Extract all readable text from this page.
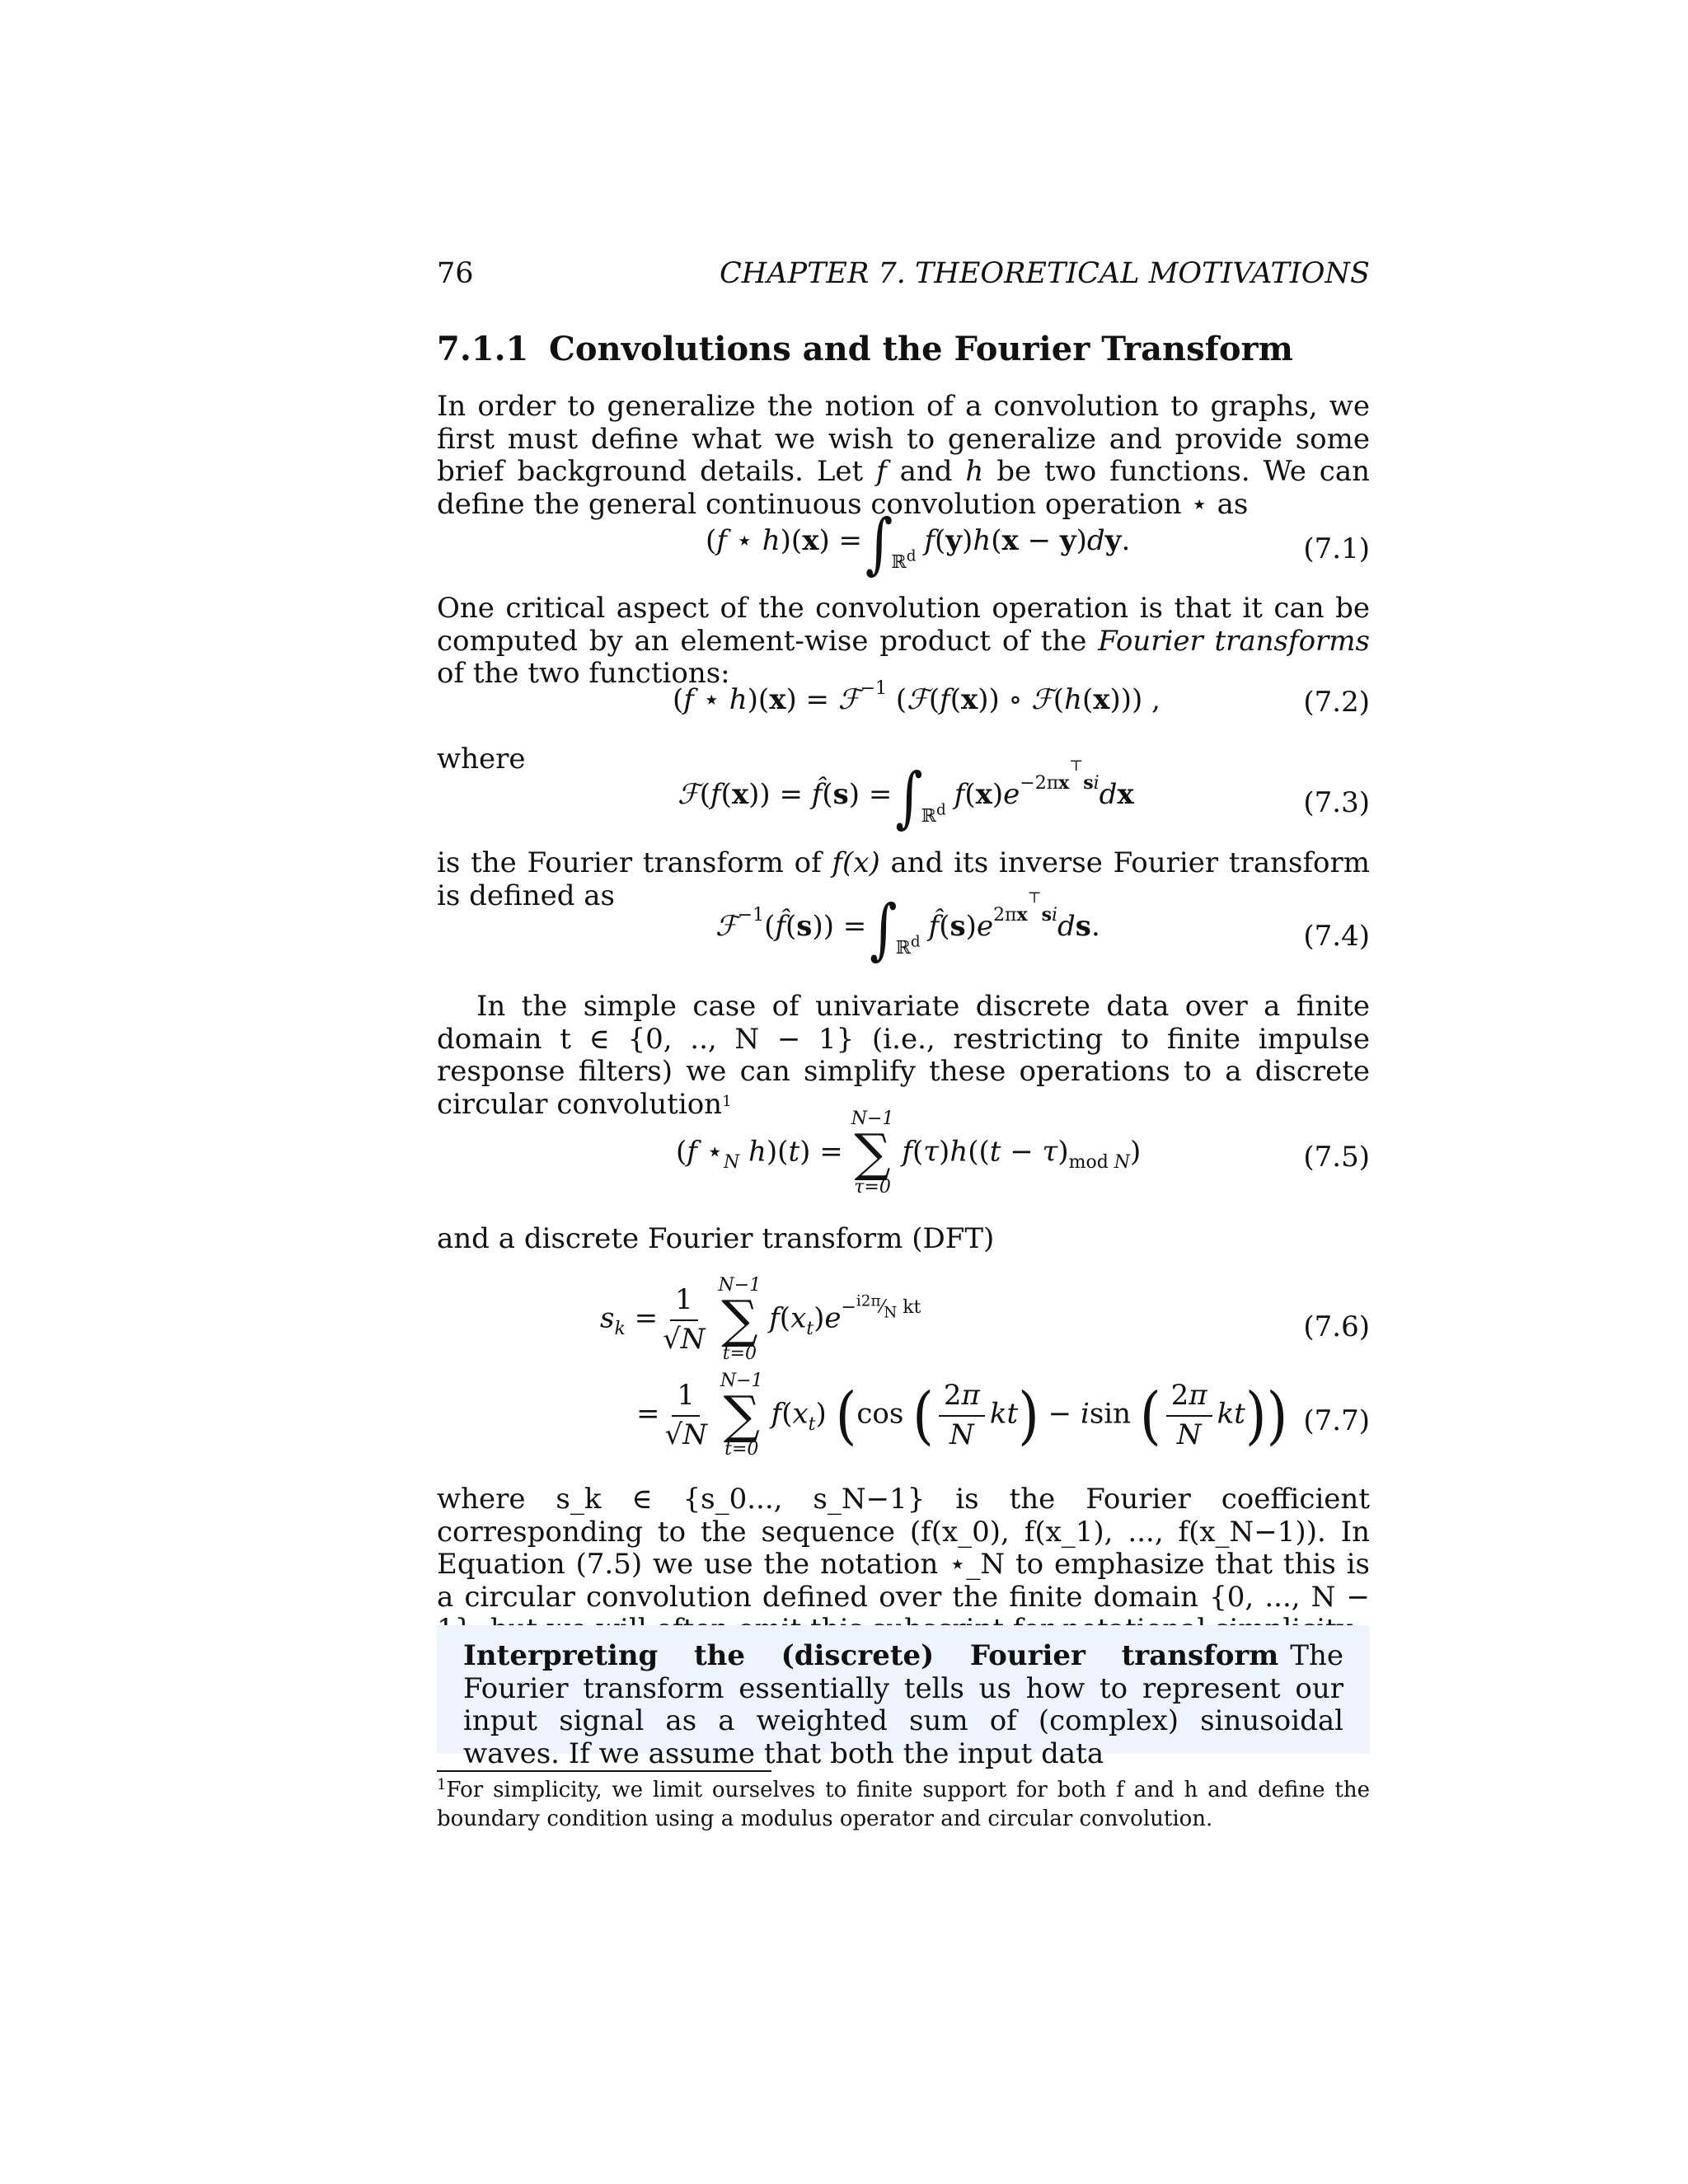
76	CHAPTER 7. THEORETICAL MOTIVATIONS
7.1.1 Convolutions and the Fourier Transform
In order to generalize the notion of a convolution to graphs, we first must define what we wish to generalize and provide some brief background details. Let f and h be two functions. We can define the general continuous convolution operation ⋆ as
(f ⋆ $h)(x) =\int_{ℝ^d}$ f(y)h(x − y)dy.	(7.1)
One critical aspect of the convolution operation is that it can be computed by an element-wise product of the Fourier transforms of the two functions:
(f ⋆ h)(x) = ℱ$^{-1}$ (ℱ(f(x)) ∘ ℱ(h(x))) ,	(7.2)
where
ℱ(f(x)) = f̂(s) $=\int_{ℝ^d}$ $f(x)e^{-2\pi x^⊤si}dx$	(7.3)
is the Fourier transform of f(x) and its inverse Fourier transform is defined as
ℱ$^{-1}$(f̂(s)) $=\int_{ℝ^d}$ $f̂(s)e^{2\pi x^⊤si}ds$.	(7.4)
In the simple case of univariate discrete data over a finite domain t ∈ {0, .., N − 1} (i.e., restricting to finite impulse response filters) we can simplify these operations to a discrete circular convolution$^1$
(f $⋆_N$ h)(t) =
N−1
∑
τ=0
$f(\tau)h((t - \tau)_{mod N})$	(7.5)
and a discrete Fourier transform (DFT)
$s_k = \frac{1}{√N} N-1$
∑
t=0
$f(x_t)e^{-^{i2\pi}⁄_N kt}$
(7.6)
= $\frac{1}{√N} N-1$
∑
t=0
$f(x_t)$ (cos ( $\frac{2\pi}{N} kt) - isin$ ( $\frac{2\pi}{N} kt$)) (7.7)
where s_k ∈ {s_0..., s_N−1} is the Fourier coefficient corresponding to the sequence (f(x_0), f(x_1), ..., f(x_N−1)). In Equation (7.5) we use the notation ⋆_N to emphasize that this is a circular convolution defined over the finite domain {0, ..., N −
Interpreting the (discrete) Fourier transform The Fourier transform essentially tells us how to represent our input signal as a weighted sum of (complex) sinusoidal waves. If we assume that both the input data
$^1$For simplicity, we limit ourselves to finite support for both f and h and define the boundary condition using a modulus operator and circular convolution.
